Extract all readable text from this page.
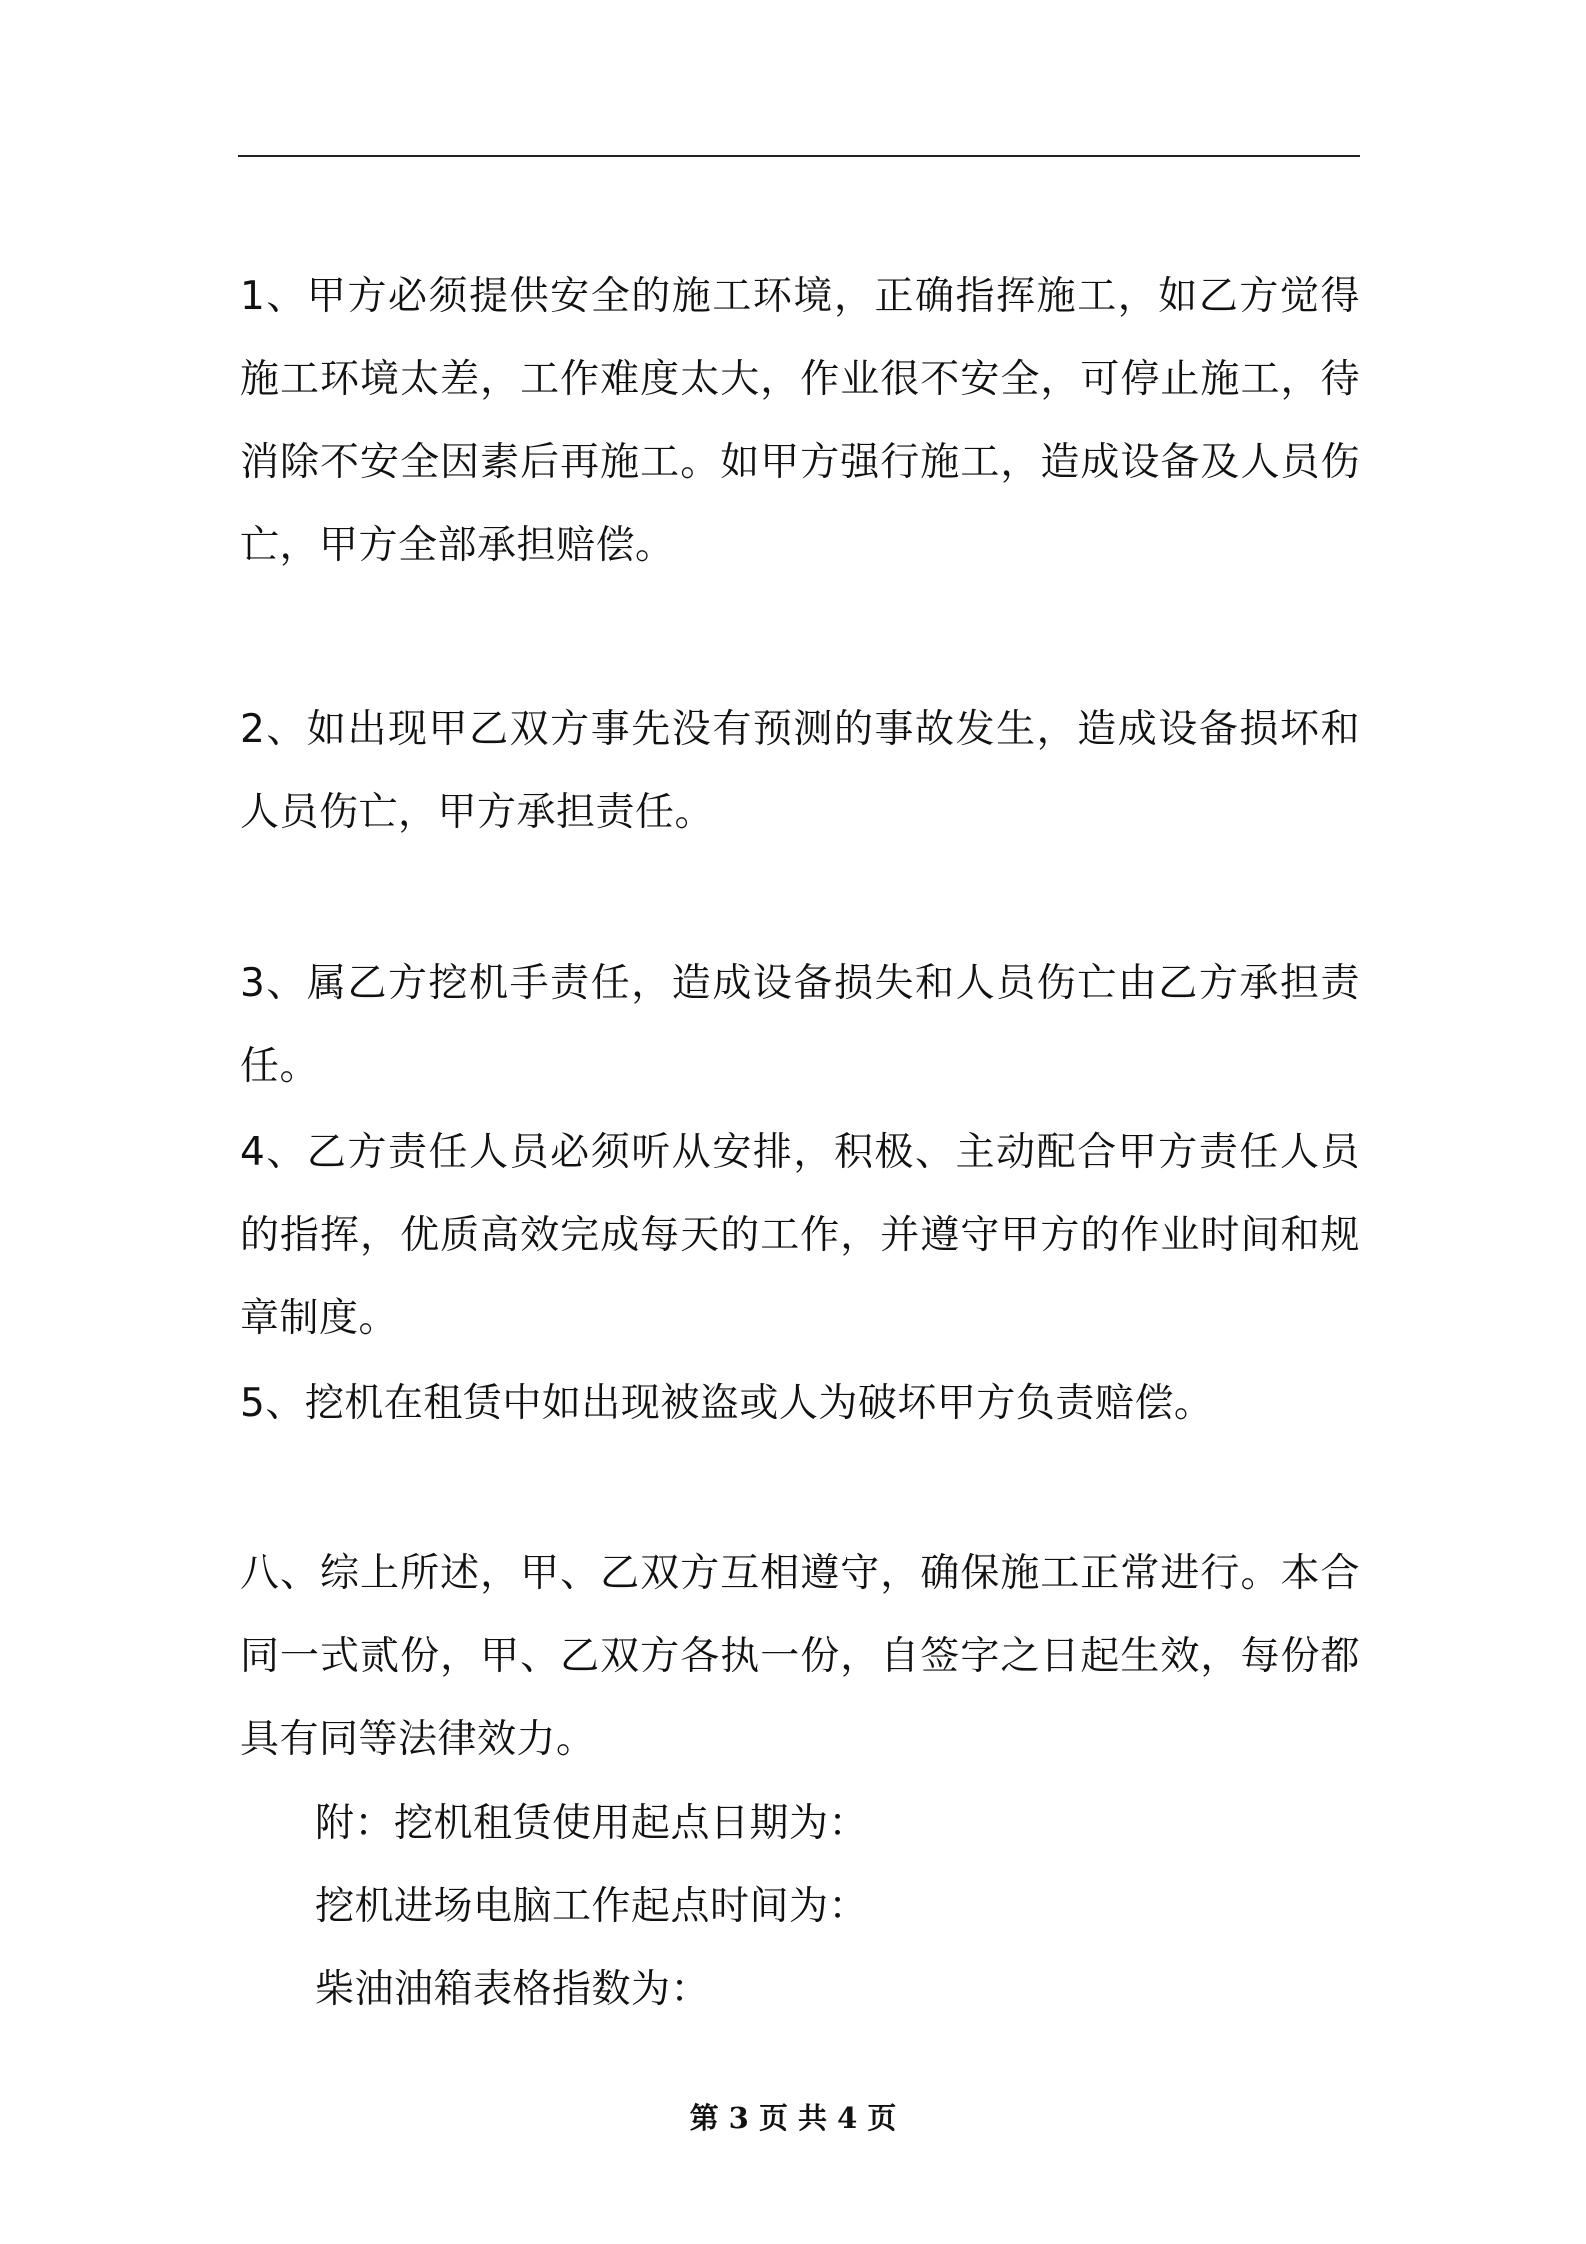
1、甲方必须提供安全的施工环境，正确指挥施工，如乙方觉得施工环境太差，工作难度太大，作业很不安全，可停止施工，待消除不安全因素后再施工。如甲方强行施工，造成设备及人员伤亡，甲方全部承担赔偿。

2、如出现甲乙双方事先没有预测的事故发生，造成设备损坏和人员伤亡，甲方承担责任。

3、属乙方挖机手责任，造成设备损失和人员伤亡由乙方承担责任。

4、乙方责任人员必须听从安排，积极、主动配合甲方责任人员的指挥，优质高效完成每天的工作，并遵守甲方的作业时间和规章制度。

5、挖机在租赁中如出现被盗或人为破坏甲方负责赔偿。

八、综上所述，甲、乙双方互相遵守，确保施工正常进行。本合同一式贰份，甲、乙双方各执一份，自签字之日起生效，每份都具有同等法律效力。

附：挖机租赁使用起点日期为：

挖机进场电脑工作起点时间为：

柴油油箱表格指数为：

第 3 页 共 4 页
